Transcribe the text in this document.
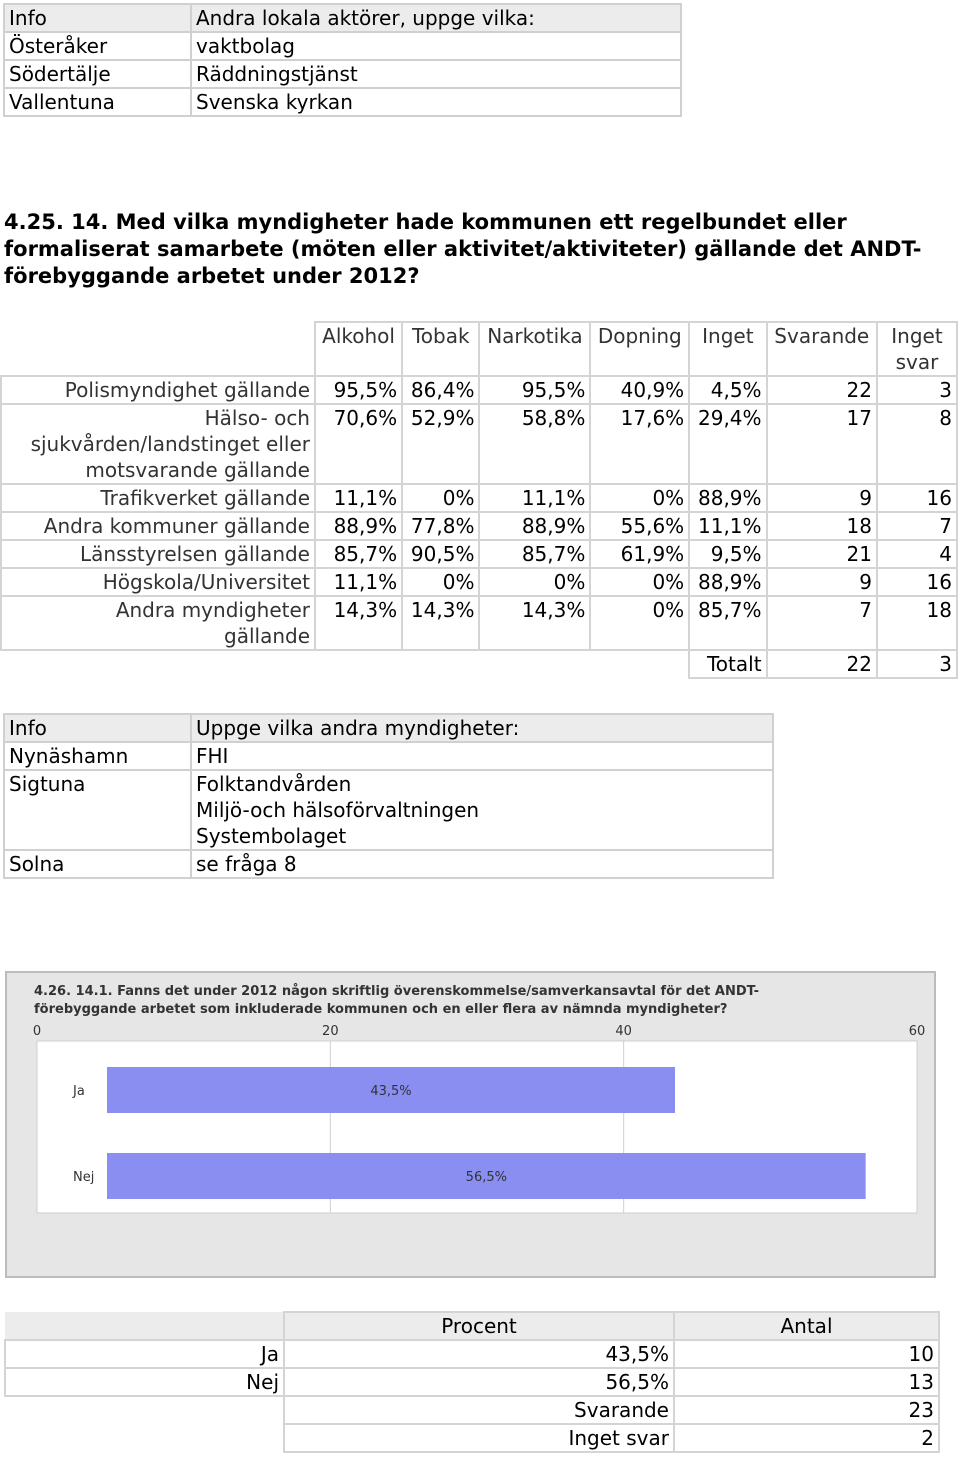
Info	Andra lokala aktörer, uppge vilka:
Österåker	vaktbolag
Södertälje	Räddningstjänst
Vallentuna	Svenska kyrkan
4.25. 14. Med vilka myndigheter hade kommunen ett regelbundet eller formaliserat samarbete (möten eller aktivitet/aktiviteter) gällande det ANDT-förebyggande arbetet under 2012?
	Alkohol	Tobak	Narkotika	Dopning	Inget	Svarande	Inget svar
Polismyndighet gällande	95,5%	86,4%	95,5%	40,9%	4,5%	22	3
Hälso- och sjukvården/landstinget eller motsvarande gällande	70,6%	52,9%	58,8%	17,6%	29,4%	17	8
Trafikverket gällande	11,1%	0%	11,1%	0%	88,9%	9	16
Andra kommuner gällande	88,9%	77,8%	88,9%	55,6%	11,1%	18	7
Länsstyrelsen gällande	85,7%	90,5%	85,7%	61,9%	9,5%	21	4
Högskola/Universitet	11,1%	0%	0%	0%	88,9%	9	16
Andra myndigheter gällande	14,3%	14,3%	14,3%	0%	85,7%	7	18
					Totalt	22	3
Info	Uppge vilka andra myndigheter:
Nynäshamn	FHI
Sigtuna	Folktandvården
Miljö-och hälsoförvaltningen
Systembolaget
Solna	se fråga 8
4.26. 14.1. Fanns det under 2012 någon skriftlig överenskommelse/samverkansavtal för det ANDT-
förebyggande arbetet som inkluderade kommunen och en eller flera av nämnda myndigheter?
0	20	40	60
Ja	43,5%
Nej	56,5%
	Procent	Antal
Ja	43,5%	10
Nej	56,5%	13
	Svarande	23
	Inget svar	2
